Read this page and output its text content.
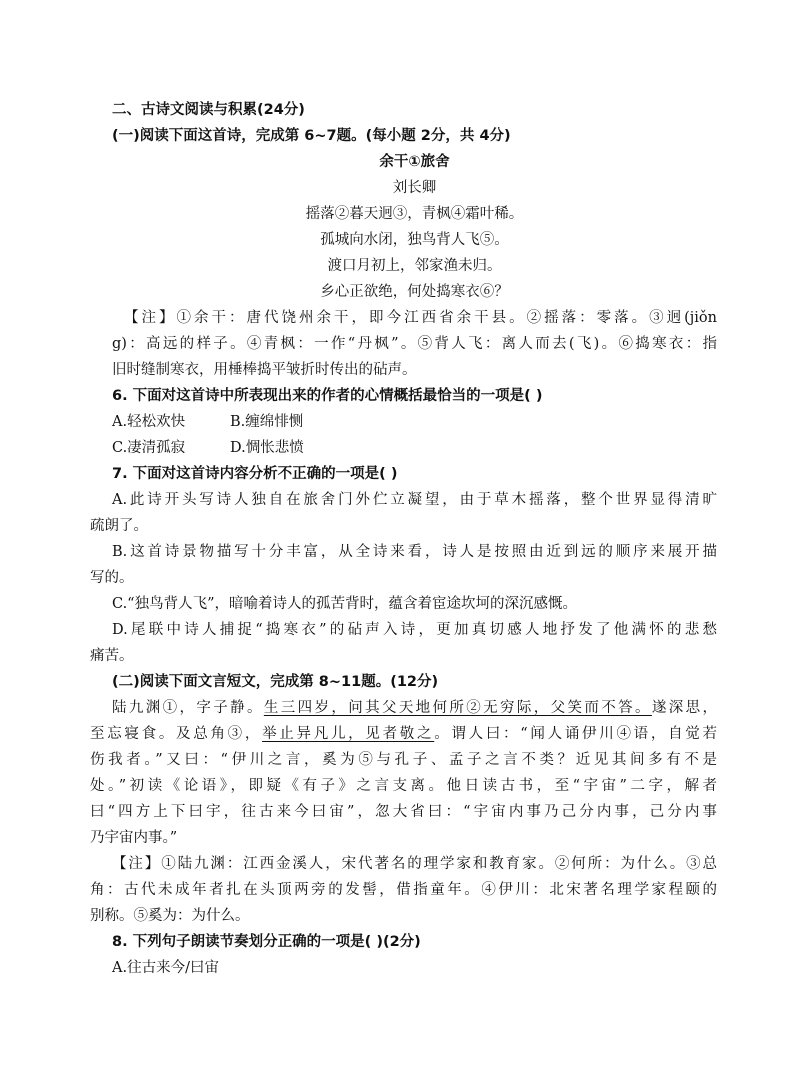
二、古诗文阅读与积累(24分)
(一)阅读下面这首诗，完成第 6~7题。(每小题 2分，共 4分)
余干①旅舍
刘长卿
摇落②暮天迥③，青枫④霜叶稀。
孤城向水闭，独鸟背人飞⑤。
渡口月初上，邻家渔未归。
乡心正欲绝，何处捣寒衣⑥？
【注】①余干：唐代饶州余干，即今江西省余干县。②摇落：零落。③迥(jiǒn
g)：高远的样子。④青枫：一作“丹枫”。⑤背人飞：离人而去(飞)。⑥捣寒衣：指
旧时缝制寒衣，用棰棒捣平皱折时传出的砧声。
6. 下面对这首诗中所表现出来的作者的心情概括最恰当的一项是( )
A.轻松欢快	B.缠绵悱恻
C.凄清孤寂	D.惆怅悲愤
7. 下面对这首诗内容分析不正确的一项是( )
A.此诗开头写诗人独自在旅舍门外伫立凝望，由于草木摇落，整个世界显得清旷
疏朗了。
B.这首诗景物描写十分丰富，从全诗来看，诗人是按照由近到远的顺序来展开描
写的。
C.“独鸟背人飞”，暗喻着诗人的孤苦背时，蕴含着宦途坎坷的深沉感慨。
D.尾联中诗人捕捉“捣寒衣”的砧声入诗，更加真切感人地抒发了他满怀的悲愁
痛苦。
(二)阅读下面文言短文，完成第 8~11题。(12分)
陆九渊①，字子静。生三四岁，问其父天地何所②无穷际，父笑而不答。遂深思，
至忘寝食。及总角③，举止异凡儿，见者敬之。谓人曰：“闻人诵伊川④语，自觉若
伤我者。”又曰：“伊川之言，奚为⑤与孔子、孟子之言不类？近见其间多有不是
处。”初读《论语》，即疑《有子》之言支离。他日读古书，至“宇宙”二字，解者
曰“四方上下曰宇，往古来今曰宙”，忽大省曰：“宇宙内事乃己分内事，己分内事
乃宇宙内事。”
【注】①陆九渊：江西金溪人，宋代著名的理学家和教育家。②何所：为什么。③总
角：古代未成年者扎在头顶两旁的发髻，借指童年。④伊川：北宋著名理学家程颐的
别称。⑤奚为：为什么。
8. 下列句子朗读节奏划分正确的一项是( )(2分)
A.往古来今/曰宙
